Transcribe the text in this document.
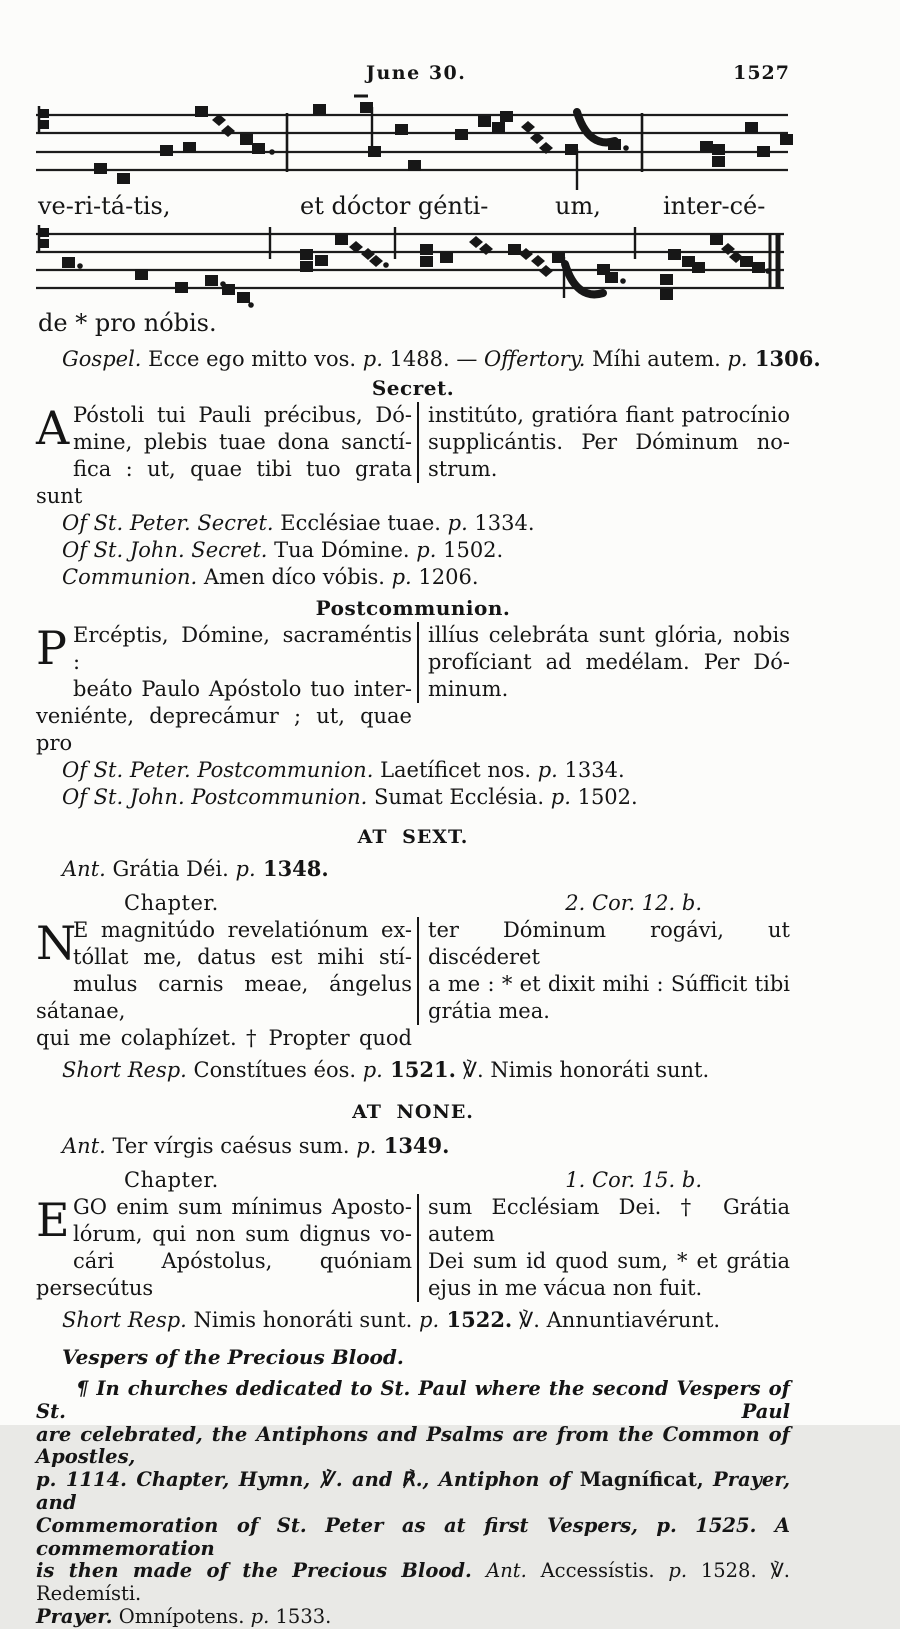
June 30.	1527
ve-ri-tá-tis,	et dóctor génti-	um,	inter-cé-
de * pro nóbis.
Gospel. Ecce ego mitto vos. p. 1488. — Offertory. Míhi autem. p. 1306.
Secret.
A Póstoli tui Pauli précibus, Dó-
mine, plebis tuae dona sanctí-
fica : ut, quae tibi tuo grata sunt
institúto, gratióra fiant patrocínio
supplicántis. Per Dóminum no-
strum.
Of St. Peter. Secret. Ecclésiae tuae. p. 1334.
Of St. John. Secret. Tua Dómine. p. 1502.
Communion. Amen díco vóbis. p. 1206.
Postcommunion.
P Ercéptis, Dómine, sacraméntis :
beáto Paulo Apóstolo tuo inter-
veniénte, deprecámur ; ut, quae pro
illíus celebráta sunt glória, nobis
profíciant ad medélam. Per Dó-
minum.
Of St. Peter. Postcommunion. Laetíficet nos. p. 1334.
Of St. John. Postcommunion. Sumat Ecclésia. p. 1502.
AT SEXT.
Ant. Grátia Déi. p. 1348.
Chapter.	2. Cor. 12. b.
N
E magnitúdo revelatiónum ex-
tóllat me, datus est mihi stí-
mulus carnis meae, ángelus sátanae,
qui me colaphízet. † Propter quod
ter Dóminum rogávi, ut discéderet
a me : * et dixit mihi : Súfficit tibi
grátia mea.
Short Resp. Constítues éos. p. 1521. ℣. Nimis honoráti sunt.
AT NONE.
Ant. Ter vírgis caésus sum. p. 1349.
Chapter.	1. Cor. 15. b.
E GO enim sum mínimus Aposto-
lórum, qui non sum dignus vo-
cári Apóstolus, quóniam persecútus
sum Ecclésiam Dei. † Grátia autem
Dei sum id quod sum, * et grátia
ejus in me vácua non fuit.
Short Resp. Nimis honoráti sunt. p. 1522. ℣. Annuntiavérunt.
Vespers of the Precious Blood.
¶ In churches dedicated to St. Paul where the second Vespers of St. Paul
are celebrated, the Antiphons and Psalms are from the Common of Apostles,
p. 1114. Chapter, Hymn, ℣. and ℟., Antiphon of Magníficat, Prayer, and
Commemoration of St. Peter as at first Vespers, p. 1525. A commemoration
is then made of the Precious Blood. Ant. Accessístis. p. 1528. ℣. Redemísti.
Prayer. Omnípotens. p. 1533.
